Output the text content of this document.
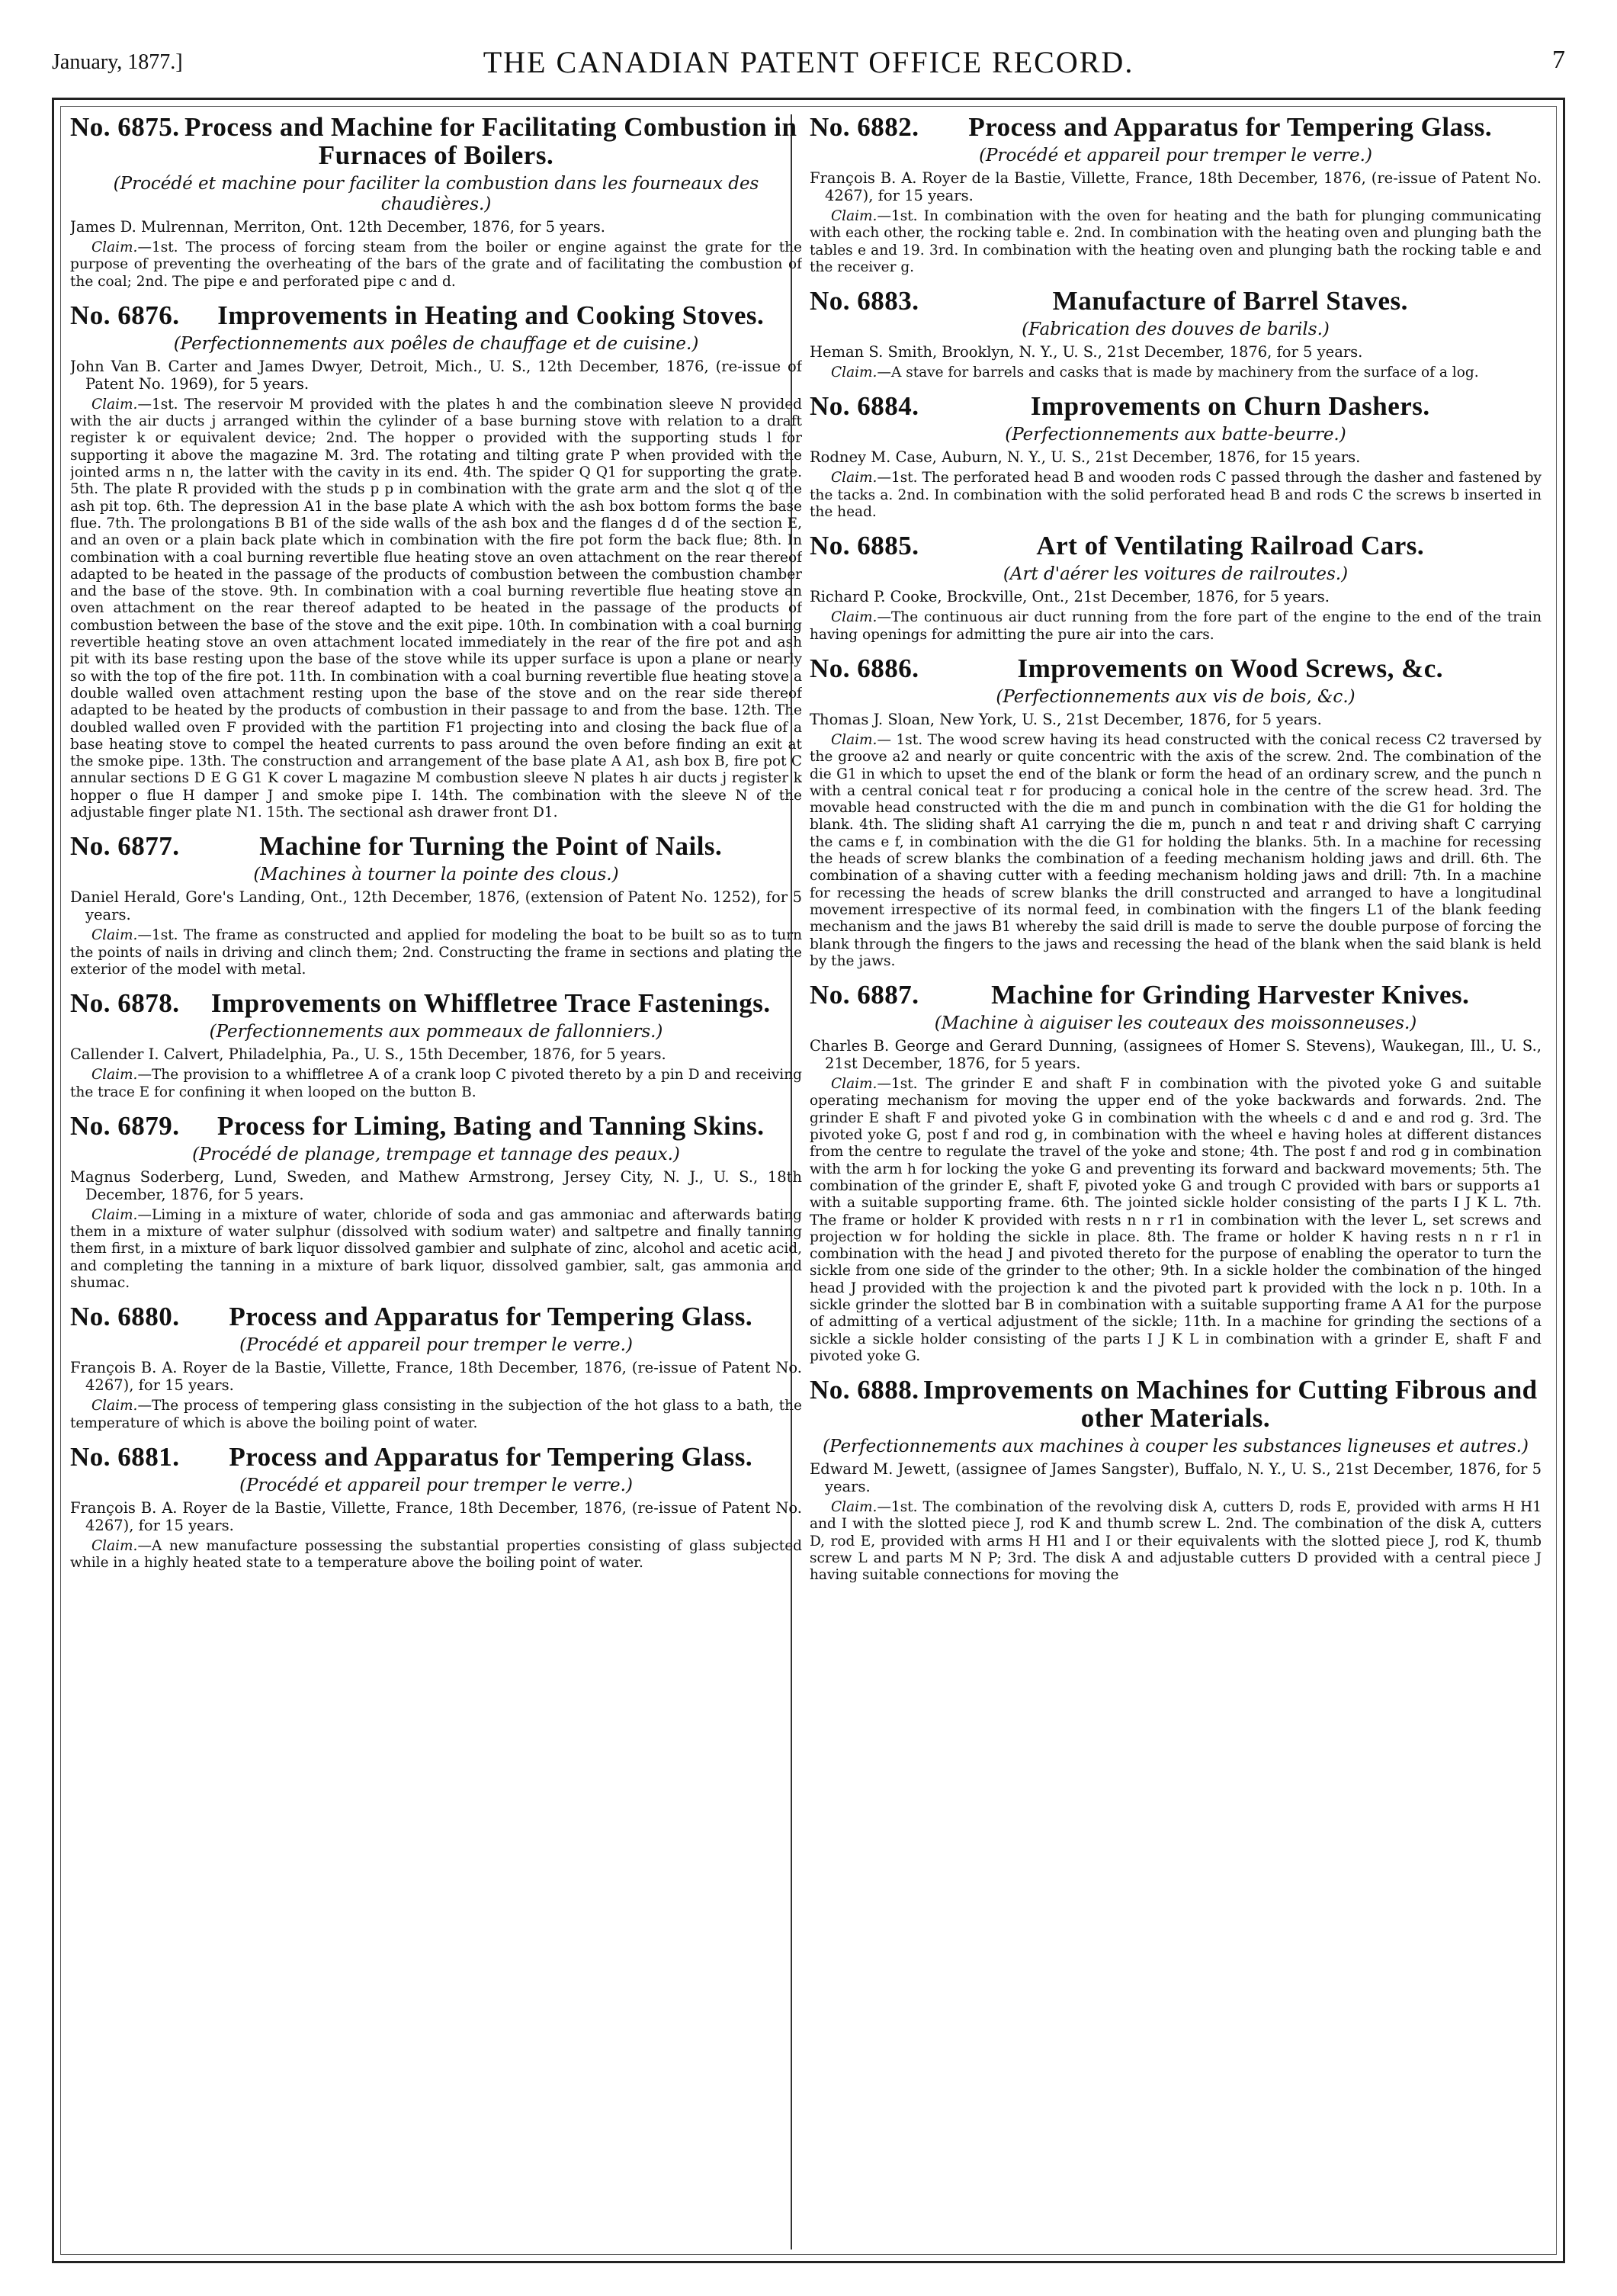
January, 1877.]	THE CANADIAN PATENT OFFICE RECORD.	7
No. 6875. Process and Machine for Facilitating Combustion in Furnaces of Boilers.
(Procédé et machine pour faciliter la combustion dans les fourneaux des chaudières.)
James D. Mulrennan, Merriton, Ont. 12th December, 1876, for 5 years.

Claim.—1st. The process of forcing steam from the boiler or engine against the grate for the purpose of preventing the overheating of the bars of the grate and of facilitating the combustion of the coal; 2nd. The pipe e and perforated pipe c and d.

No. 6876. Improvements in Heating and Cooking Stoves.
(Perfectionnements aux poêles de chauffage et de cuisine.)
John Van B. Carter and James Dwyer, Detroit, Mich., U. S., 12th December, 1876, (re-issue of Patent No. 1969), for 5 years.

Claim.—1st. The reservoir M provided with the plates h and the combination sleeve N provided with the air ducts j arranged within the cylinder of a base burning stove with relation to a draft register k or equivalent device; 2nd. The hopper o provided with the supporting studs l for supporting it above the magazine M. 3rd. The rotating and tilting grate P when provided with the jointed arms n n, the latter with the cavity in its end. 4th. The spider Q Q1 for supporting the grate. 5th. The plate R provided with the studs p p in combination with the grate arm and the slot q of the ash pit top. 6th. The depression A1 in the base plate A which with the ash box bottom forms the base flue. 7th. The prolongations B B1 of the side walls of the ash box and the flanges d d of the section E, and an oven or a plain back plate which in combination with the fire pot form the back flue; 8th. In combination with a coal burning revertible flue heating stove an oven attachment on the rear thereof adapted to be heated in the passage of the products of combustion between the combustion chamber and the base of the stove. 9th. In combination with a coal burning revertible flue heating stove an oven attachment on the rear thereof adapted to be heated in the passage of the products of combustion between the base of the stove and the exit pipe. 10th. In combination with a coal burning revertible heating stove an oven attachment located immediately in the rear of the fire pot and ash pit with its base resting upon the base of the stove while its upper surface is upon a plane or nearly so with the top of the fire pot. 11th. In combination with a coal burning revertible flue heating stove a double walled oven attachment resting upon the base of the stove and on the rear side thereof adapted to be heated by the products of combustion in their passage to and from the base. 12th. The doubled walled oven F provided with the partition F1 projecting into and closing the back flue of a base heating stove to compel the heated currents to pass around the oven before finding an exit at the smoke pipe. 13th. The construction and arrangement of the base plate A A1, ash box B, fire pot C annular sections D E G G1 K cover L magazine M combustion sleeve N plates h air ducts j register k hopper o flue H damper J and smoke pipe I. 14th. The combination with the sleeve N of the adjustable finger plate N1. 15th. The sectional ash drawer front D1.

No. 6877.	Machine for Turning the Point of Nails.
(Machines à tourner la pointe des clous.)
Daniel Herald, Gore's Landing, Ont., 12th December, 1876, (extension of Patent No. 1252), for 5 years.

Claim.—1st. The frame as constructed and applied for modeling the boat to be built so as to turn the points of nails in driving and clinch them; 2nd. Constructing the frame in sections and plating the exterior of the model with metal.

No. 6878. Improvements on Whiffletree Trace Fastenings.
(Perfectionnements aux pommeaux de fallonniers.)
Callender I. Calvert, Philadelphia, Pa., U. S., 15th December, 1876, for 5 years.

Claim.—The provision to a whiffletree A of a crank loop C pivoted thereto by a pin D and receiving the trace E for confining it when looped on the button B.

No. 6879. Process for Liming, Bating and Tanning Skins.
(Procédé de planage, trempage et tannage des peaux.)
Magnus Soderberg, Lund, Sweden, and Mathew Armstrong, Jersey City, N. J., U. S., 18th December, 1876, for 5 years.

Claim.—Liming in a mixture of water, chloride of soda and gas ammoniac and afterwards bating them in a mixture of water sulphur (dissolved with sodium water) and saltpetre and finally tanning them first, in a mixture of bark liquor dissolved gambier and sulphate of zinc, alcohol and acetic acid, and completing the tanning in a mixture of bark liquor, dissolved gambier, salt, gas ammonia and shumac.

No. 6880. Process and Apparatus for Tempering Glass.
(Procédé et appareil pour tremper le verre.)
François B. A. Royer de la Bastie, Villette, France, 18th December, 1876, (re-issue of Patent No. 4267), for 15 years.

Claim.—The process of tempering glass consisting in the subjection of the hot glass to a bath, the temperature of which is above the boiling point of water.

No. 6881. Process and Apparatus for Tempering Glass.
(Procédé et appareil pour tremper le verre.)
François B. A. Royer de la Bastie, Villette, France, 18th December, 1876, (re-issue of Patent No. 4267), for 15 years.

Claim.—A new manufacture possessing the substantial properties consisting of glass subjected while in a highly heated state to a temperature above the boiling point of water.

No. 6882. Process and Apparatus for Tempering Glass.
(Procédé et appareil pour tremper le verre.)
François B. A. Royer de la Bastie, Villette, France, 18th December, 1876, (re-issue of Patent No. 4267), for 15 years.

Claim.—1st. In combination with the oven for heating and the bath for plunging communicating with each other, the rocking table e. 2nd. In combination with the heating oven and plunging bath the tables e and 19. 3rd. In combination with the heating oven and plunging bath the rocking table e and the receiver g.

No. 6883.	Manufacture of Barrel Staves.
(Fabrication des douves de barils.)
Heman S. Smith, Brooklyn, N. Y., U. S., 21st December, 1876, for 5 years.

Claim.—A stave for barrels and casks that is made by machinery from the surface of a log.

No. 6884.	Improvements on Churn Dashers.
(Perfectionnements aux batte-beurre.)
Rodney M. Case, Auburn, N. Y., U. S., 21st December, 1876, for 15 years.

Claim.—1st. The perforated head B and wooden rods C passed through the dasher and fastened by the tacks a. 2nd. In combination with the solid perforated head B and rods C the screws b inserted in the head.

No. 6885.	Art of Ventilating Railroad Cars.
(Art d'aérer les voitures de railroutes.)
Richard P. Cooke, Brockville, Ont., 21st December, 1876, for 5 years.

Claim.—The continuous air duct running from the fore part of the engine to the end of the train having openings for admitting the pure air into the cars.

No. 6886.	Improvements on Wood Screws, &c.
(Perfectionnements aux vis de bois, &c.)
Thomas J. Sloan, New York, U. S., 21st December, 1876, for 5 years.

Claim.— 1st. The wood screw having its head constructed with the conical recess C2 traversed by the groove a2 and nearly or quite concentric with the axis of the screw. 2nd. The combination of the die G1 in which to upset the end of the blank or form the head of an ordinary screw, and the punch n with a central conical teat r for producing a conical hole in the centre of the screw head. 3rd. The movable head constructed with the die m and punch in combination with the die G1 for holding the blank. 4th. The sliding shaft A1 carrying the die m, punch n and teat r and driving shaft C carrying the cams e f, in combination with the die G1 for holding the blanks. 5th. In a machine for recessing the heads of screw blanks the combination of a feeding mechanism holding jaws and drill. 6th. The combination of a shaving cutter with a feeding mechanism holding jaws and drill: 7th. In a machine for recessing the heads of screw blanks the drill constructed and arranged to have a longitudinal movement irrespective of its normal feed, in combination with the fingers L1 of the blank feeding mechanism and the jaws B1 whereby the said drill is made to serve the double purpose of forcing the blank through the fingers to the jaws and recessing the head of the blank when the said blank is held by the jaws.

No. 6887.	Machine for Grinding Harvester Knives.
(Machine à aiguiser les couteaux des moissonneuses.)
Charles B. George and Gerard Dunning, (assignees of Homer S. Stevens), Waukegan, Ill., U. S., 21st December, 1876, for 5 years.

Claim.—1st. The grinder E and shaft F in combination with the pivoted yoke G and suitable operating mechanism for moving the upper end of the yoke backwards and forwards. 2nd. The grinder E shaft F and pivoted yoke G in combination with the wheels c d and e and rod g. 3rd. The pivoted yoke G, post f and rod g, in combination with the wheel e having holes at different distances from the centre to regulate the travel of the yoke and stone; 4th. The post f and rod g in combination with the arm h for locking the yoke G and preventing its forward and backward movements; 5th. The combination of the grinder E, shaft F, pivoted yoke G and trough C provided with bars or supports a1 with a suitable supporting frame. 6th. The jointed sickle holder consisting of the parts I J K L. 7th. The frame or holder K provided with rests n n r r1 in combination with the lever L, set screws and projection w for holding the sickle in place. 8th. The frame or holder K having rests n n r r1 in combination with the head J and pivoted thereto for the purpose of enabling the operator to turn the sickle from one side of the grinder to the other; 9th. In a sickle holder the combination of the hinged head J provided with the projection k and the pivoted part k provided with the lock n p. 10th. In a sickle grinder the slotted bar B in combination with a suitable supporting frame A A1 for the purpose of admitting of a vertical adjustment of the sickle; 11th. In a machine for grinding the sections of a sickle a sickle holder consisting of the parts I J K L in combination with a grinder E, shaft F and pivoted yoke G.

No. 6888. Improvements on Machines for Cutting Fibrous and other Materials.
(Perfectionnements aux machines à couper les substances ligneuses et autres.)
Edward M. Jewett, (assignee of James Sangster), Buffalo, N. Y., U. S., 21st December, 1876, for 5 years.

Claim.—1st. The combination of the revolving disk A, cutters D, rods E, provided with arms H H1 and I with the slotted piece J, rod K and thumb screw L. 2nd. The combination of the disk A, cutters D, rod E, provided with arms H H1 and I or their equivalents with the slotted piece J, rod K, thumb screw L and parts M N P; 3rd. The disk A and adjustable cutters D provided with a central piece J having suitable connections for moving the
